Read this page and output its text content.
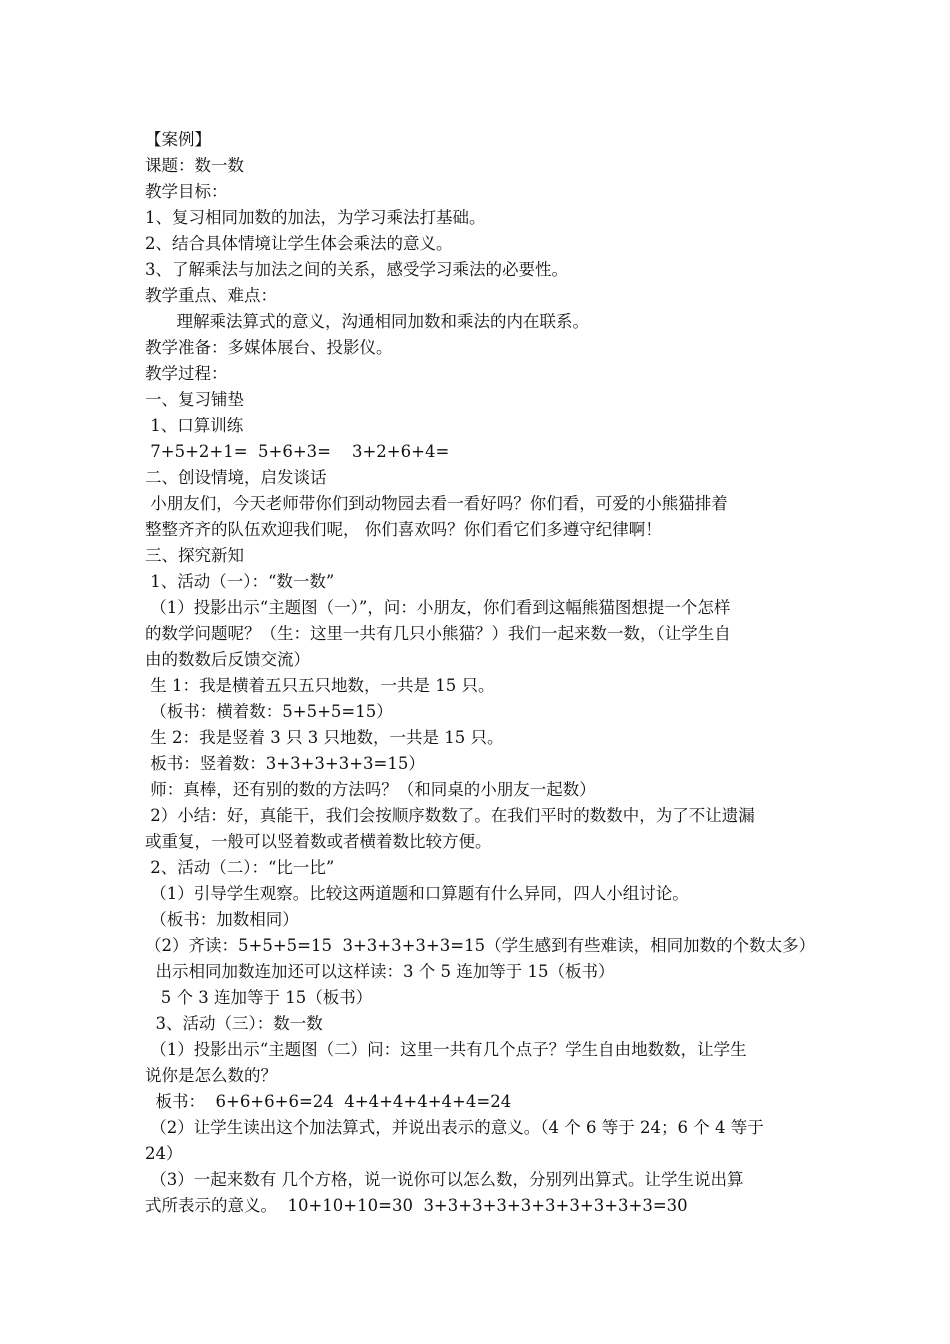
【案例】

课题：数一数

教学目标：

1、复习相同加数的加法，为学习乘法打基础。

2、结合具体情境让学生体会乘法的意义。

3、了解乘法与加法之间的关系，感受学习乘法的必要性。

教学重点、难点：

理解乘法算式的意义，沟通相同加数和乘法的内在联系。

教学准备：多媒体展台、投影仪。

教学过程：

一、复习铺垫

1、口算训练

7+5+2+1=  5+6+3=    3+2+6+4=

二、创设情境，启发谈话

小朋友们，今天老师带你们到动物园去看一看好吗？你们看，可爱的小熊猫排着

整整齐齐的队伍欢迎我们呢， 你们喜欢吗？你们看它们多遵守纪律啊！

三、探究新知

1、活动（一）：“数一数”

（1）投影出示“主题图（一）”，问：小朋友，你们看到这幅熊猫图想提一个怎样

的数学问题呢？（生：这里一共有几只小熊猫？）我们一起来数一数，（让学生自

由的数数后反馈交流）

生 1：我是横着五只五只地数，一共是 15 只。

（板书：横着数：5+5+5=15）

生 2：我是竖着 3 只 3 只地数，一共是 15 只。

板书：竖着数：3+3+3+3+3=15）

师：真棒，还有别的数的方法吗？（和同桌的小朋友一起数）

2）小结：好，真能干，我们会按顺序数数了。在我们平时的数数中，为了不让遗漏

或重复，一般可以竖着数或者横着数比较方便。

2、活动（二）：“比一比”

（1）引导学生观察。比较这两道题和口算题有什么异同，四人小组讨论。

（板书：加数相同）

（2）齐读：5+5+5=15  3+3+3+3+3=15（学生感到有些难读，相同加数的个数太多）

出示相同加数连加还可以这样读：3 个 5 连加等于 15（板书）

5 个 3 连加等于 15（板书）

3、活动（三）：数一数

（1）投影出示“主题图（二）问：这里一共有几个点子？学生自由地数数，让学生

说你是怎么数的？

板书：  6+6+6+6=24  4+4+4+4+4+4=24

（2）让学生读出这个加法算式，并说出表示的意义。（4 个 6 等于 24；6 个 4 等于

24）

（3）一起来数有 几个方格，说一说你可以怎么数，分别列出算式。让学生说出算

式所表示的意义。  10+10+10=30  3+3+3+3+3+3+3+3+3+3=30
